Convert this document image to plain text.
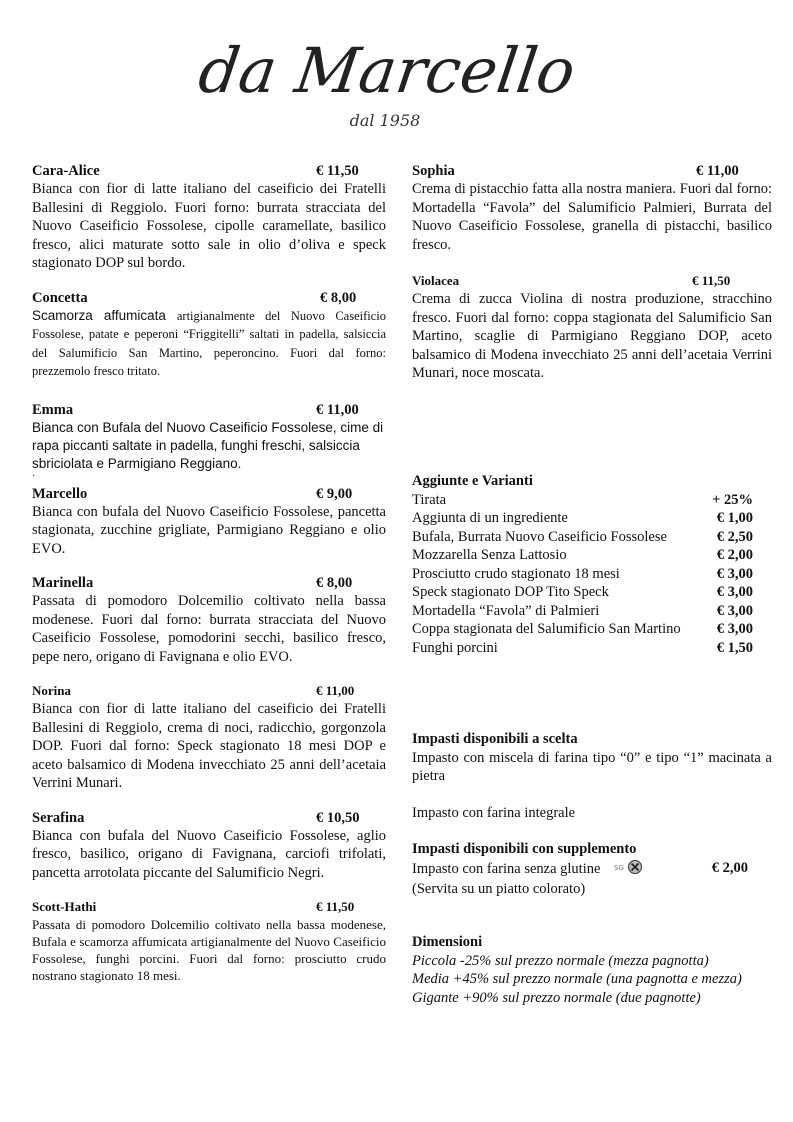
da Marcello
dal 1958
Cara-Alice	€ 11,50
Bianca con fior di latte italiano del caseificio dei Fratelli Ballesini di Reggiolo. Fuori forno: burrata stracciata del Nuovo Caseificio Fossolese, cipolle caramellate, basilico fresco, alici maturate sotto sale in olio d’oliva e speck stagionato DOP sul bordo.
Concetta	€ 8,00
Scamorza affumicata artigianalmente del Nuovo Caseificio Fossolese, patate e peperoni “Friggitelli” saltati in padella, salsiccia del Salumificio San Martino, peperoncino. Fuori dal forno: prezzemolo fresco tritato.
Emma	€ 11,00
Bianca con Bufala del Nuovo Caseificio Fossolese, cime di rapa piccanti saltate in padella, funghi freschi, salsiccia sbriciolata e Parmigiano Reggiano.
·
Marcello	€ 9,00
Bianca con bufala del Nuovo Caseificio Fossolese, pancetta stagionata, zucchine grigliate, Parmigiano Reggiano e olio EVO.
Marinella	€ 8,00
Passata di pomodoro Dolcemilio coltivato nella bassa modenese. Fuori dal forno: burrata stracciata del Nuovo Caseificio Fossolese, pomodorini secchi, basilico fresco, pepe nero, origano di Favignana e olio EVO.
Norina	€ 11,00
Bianca con fior di latte italiano del caseificio dei Fratelli Ballesini di Reggiolo, crema di noci, radicchio, gorgonzola DOP. Fuori dal forno: Speck stagionato 18 mesi DOP e aceto balsamico di Modena invecchiato 25 anni dell’acetaia Verrini Munari.
Serafina	€ 10,50
Bianca con bufala del Nuovo Caseificio Fossolese, aglio fresco, basilico, origano di Favignana, carciofi trifolati, pancetta arrotolata piccante del Salumificio Negri.
Scott-Hathi	€ 11,50
Passata di pomodoro Dolcemilio coltivato nella bassa modenese, Bufala e scamorza affumicata artigianalmente del Nuovo Caseificio Fossolese, funghi porcini. Fuori dal forno: prosciutto crudo nostrano stagionato 18 mesi.
Sophia	€ 11,00
Crema di pistacchio fatta alla nostra maniera. Fuori dal forno: Mortadella “Favola” del Salumificio Palmieri, Burrata del Nuovo Caseificio Fossolese, granella di pistacchi, basilico fresco.
Violacea	€ 11,50
Crema di zucca Violina di nostra produzione, stracchino fresco. Fuori dal forno: coppa stagionata del Salumificio San Martino, scaglie di Parmigiano Reggiano DOP, aceto balsamico di Modena invecchiato 25 anni dell’acetaia Verrini Munari, noce moscata.
Aggiunte e Varianti
Tirata	+ 25%
Aggiunta di un ingrediente	€ 1,00
Bufala, Burrata Nuovo Caseificio Fossolese	€ 2,50
Mozzarella Senza Lattosio	€ 2,00
Prosciutto crudo stagionato 18 mesi	€ 3,00
Speck stagionato DOP Tito Speck	€ 3,00
Mortadella “Favola” di Palmieri	€ 3,00
Coppa stagionata del Salumificio San Martino € 3,00
Funghi porcini	€ 1,50
Impasti disponibili a scelta
Impasto con miscela di farina tipo “0” e tipo “1” macinata a pietra
Impasto con farina integrale
Impasti disponibili con supplemento
Impasto con farina senza glutine SG	€ 2,00
(Servita su un piatto colorato)
Dimensioni
Piccola -25% sul prezzo normale (mezza pagnotta)
Media +45% sul prezzo normale (una pagnotta e mezza)
Gigante +90% sul prezzo normale (due pagnotte)
